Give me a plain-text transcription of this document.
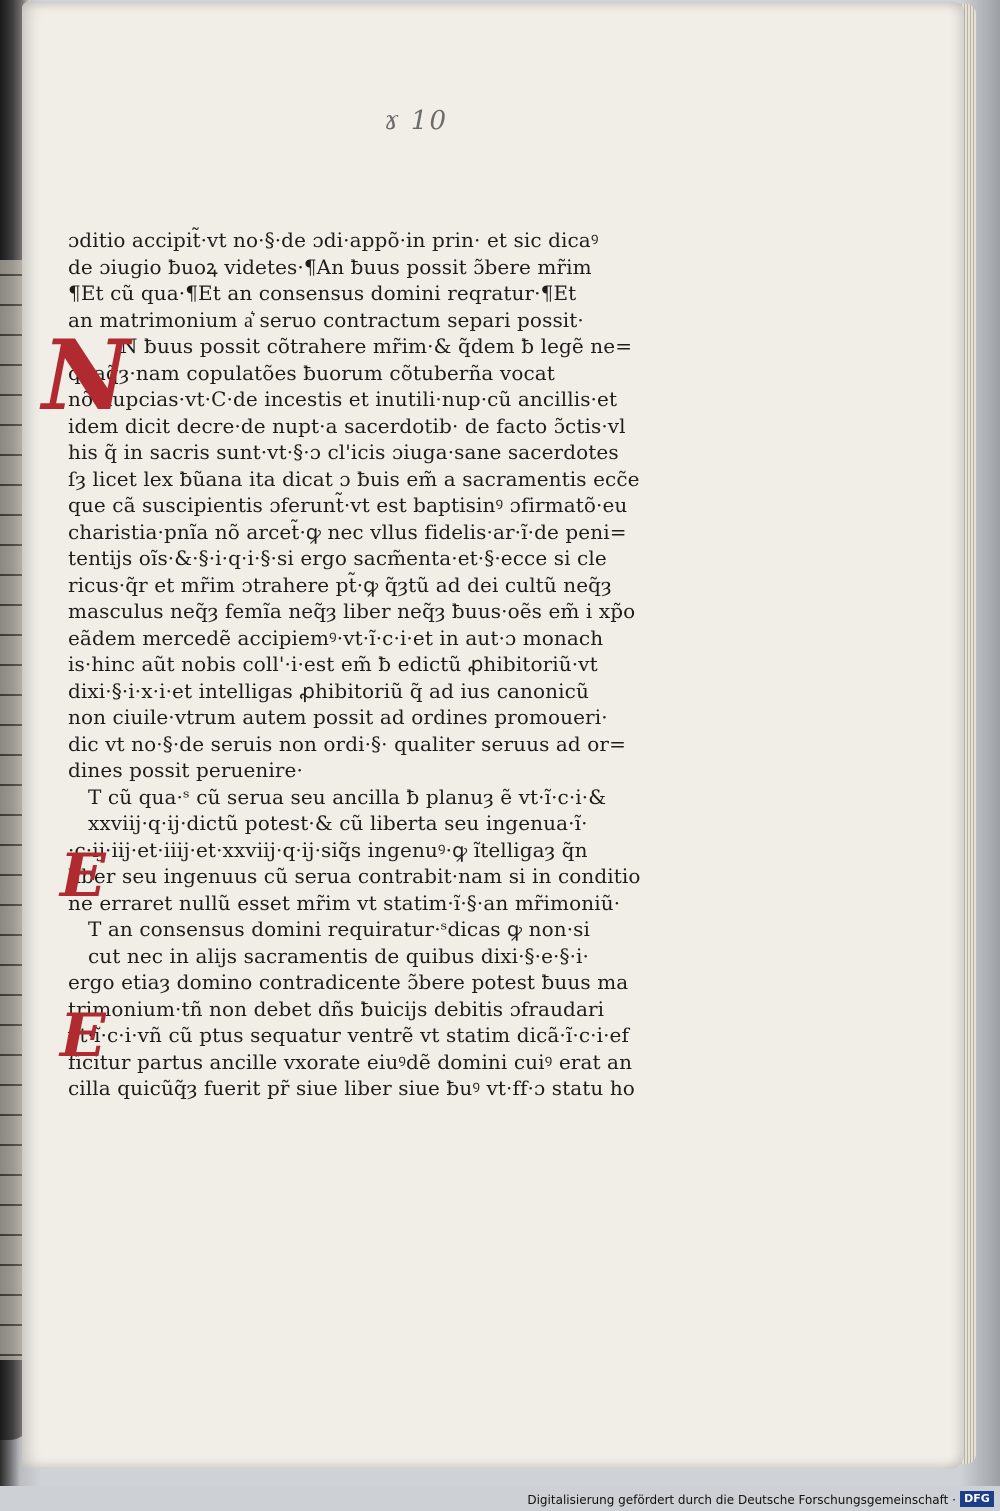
ɤ 10
ɔditio accipit̃·vt no·§·de ɔdi·appõ·in prin· et sic dicaꝰ
de ɔiugio ƀuoꝝ videtes·¶An ƀuus possit ɔ̃bere mr̃im
¶Et cũ qua·¶Et an consensus domini reqratur·¶Et
an matrimonium a͛ seruo contractum separi possit·
N ƀuus possit cõtrahere mr̃im·& q̃dem ƀ legẽ ne=
quaq̃ȝ·nam copulatões ƀuorum cõtuberña vocat
nõ nupcias·vt·C·de incestis et inutili·nup·cũ ancillis·et
idem dicit decre·de nupt·a sacerdotib· de facto ɔ̃ctis·vl
his q̃ in sacris sunt·vt·§·ɔ cl'icis ɔiuga·sane sacerdotes
ſȝ licet lex ƀũana ita dicat ɔ ƀuis em̃ a sacramentis ecc̃e
que cã suscipientis ɔferunt̃·vt est baptisinꝰ ɔfirmatõ·eu
charistia·pnĩa nõ arcet̃·ꝙ nec vllus fidelis·ar·ĩ·de peni=
tentijs oĩs·&·§·i·q·i·§·si ergo sacm̃enta·et·§·ecce si cle
ricus·q̃r et mr̃im ɔtrahere pt̃·ꝙ q̃ȝtũ ad dei cultũ neq̃ȝ
masculus neq̃ȝ femĩa neq̃ȝ liber neq̃ȝ ƀuus·oẽs em̃ i xp̃o
eãdem mercedẽ accipiemꝰ·vt·ĩ·c·i·et in aut·ɔ monach
is·hinc aũt nobis coll'·i·est em̃ ƀ edictũ ꝓhibitoriũ·vt
dixi·§·i·x·i·et intelligas ꝓhibitoriũ q̃ ad ius canonicũ
non ciuile·vtrum autem possit ad ordines promoueri·
dic vt no·§·de seruis non ordi·§· qualiter seruus ad or=
dines possit peruenire·
T cũ qua·ˢ cũ serua seu ancilla ƀ planuȝ ẽ vt·ĩ·c·i·&
xxviij·q·ij·dictũ potest·& cũ liberta seu ingenua·ĩ·
·c·ij·iij·et·iiij·et·xxviij·q·ij·siq̃s ingenuꝰ·ꝙ ĩtelligaȝ q̃n
liber seu ingenuus cũ serua contrabit·nam si in conditio
ne erraret nullũ esset mr̃im vt statim·ĩ·§·an mr̃imoniũ·
T an consensus domini requiratur·ˢdicas ꝙ non·si
cut nec in alijs sacramentis de quibus dixi·§·e·§·i·
ergo etiaȝ domino contradicente ɔ̃bere potest ƀuus ma
trimonium·tñ non debet dñs ƀuicijs debitis ɔfraudari
vt·ĩ·c·i·vñ cũ ptus sequatur ventrẽ vt statim dicã·ĩ·c·i·ef
ficitur partus ancille vxorate eiuꝰdẽ domini cuiꝰ erat an
cilla quicũq̃ȝ fuerit pr̃ siue liber siue ƀuꝰ vt·ff·ɔ statu ho
N
E
E
Digitalisierung gefördert durch die Deutsche Forschungsgemeinschaft · DFG
